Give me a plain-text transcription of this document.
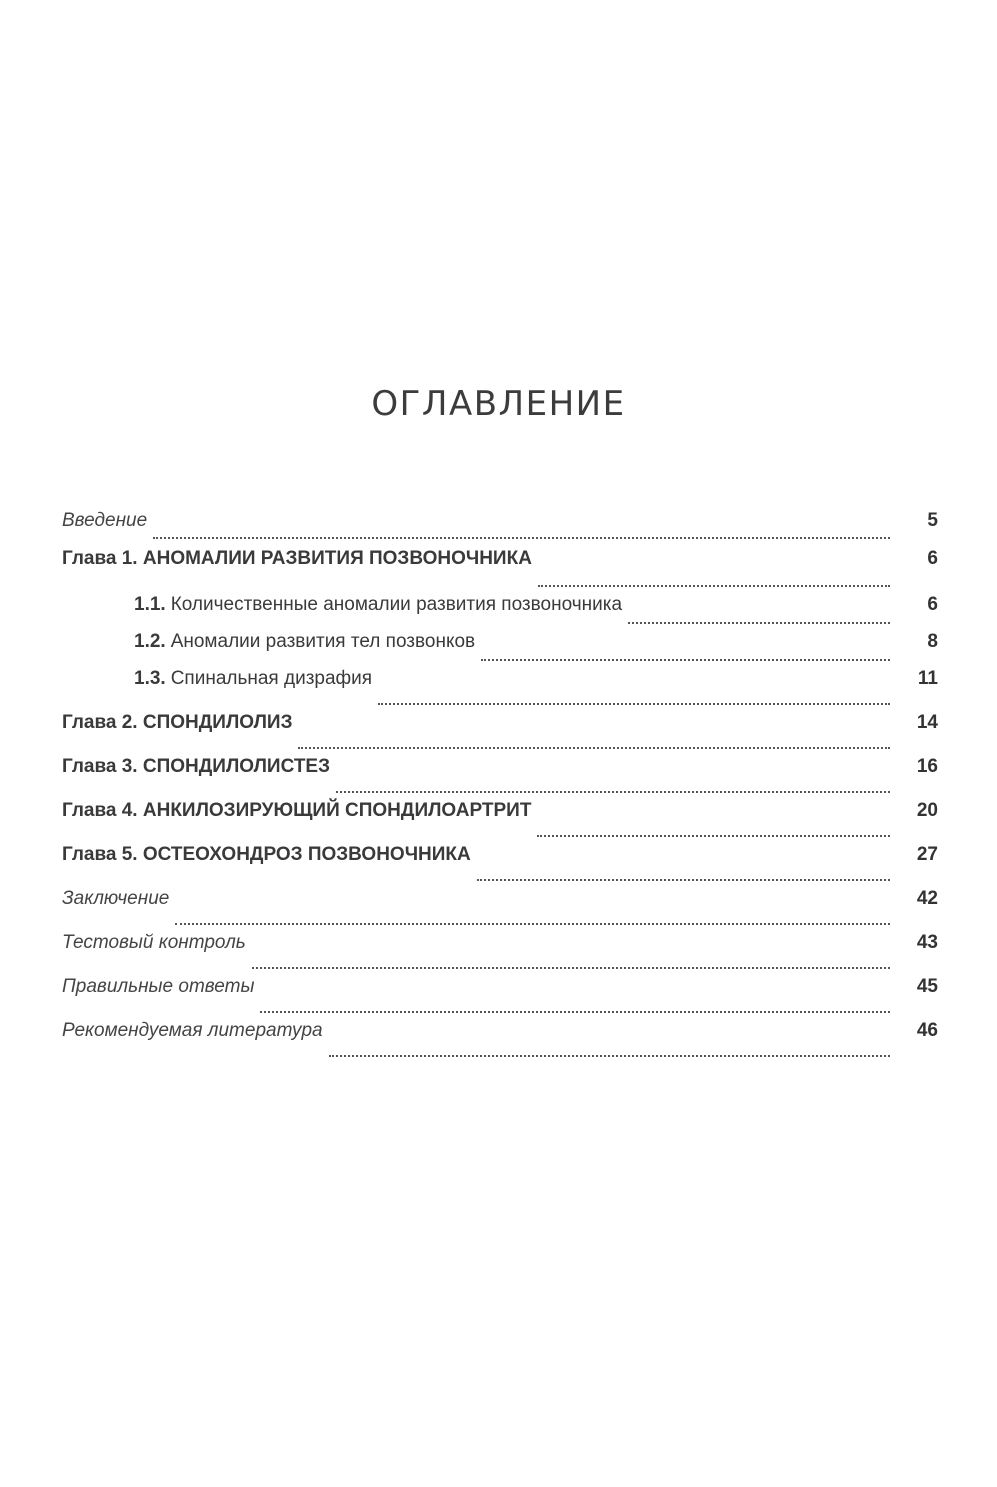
ОГЛАВЛЕНИЕ
Введение	5
Глава 1. АНОМАЛИИ РАЗВИТИЯ ПОЗВОНОЧНИКА	6
1.1. Количественные аномалии развития позвоночника	6
1.2. Аномалии развития тел позвонков	8
1.3. Спинальная дизрафия	11
Глава 2. СПОНДИЛОЛИЗ	14
Глава 3. СПОНДИЛОЛИСТЕЗ	16
Глава 4. АНКИЛОЗИРУЮЩИЙ СПОНДИЛОАРТРИТ	20
Глава 5. ОСТЕОХОНДРОЗ ПОЗВОНОЧНИКА	27
Заключение	42
Тестовый контроль	43
Правильные ответы	45
Рекомендуемая литература	46
